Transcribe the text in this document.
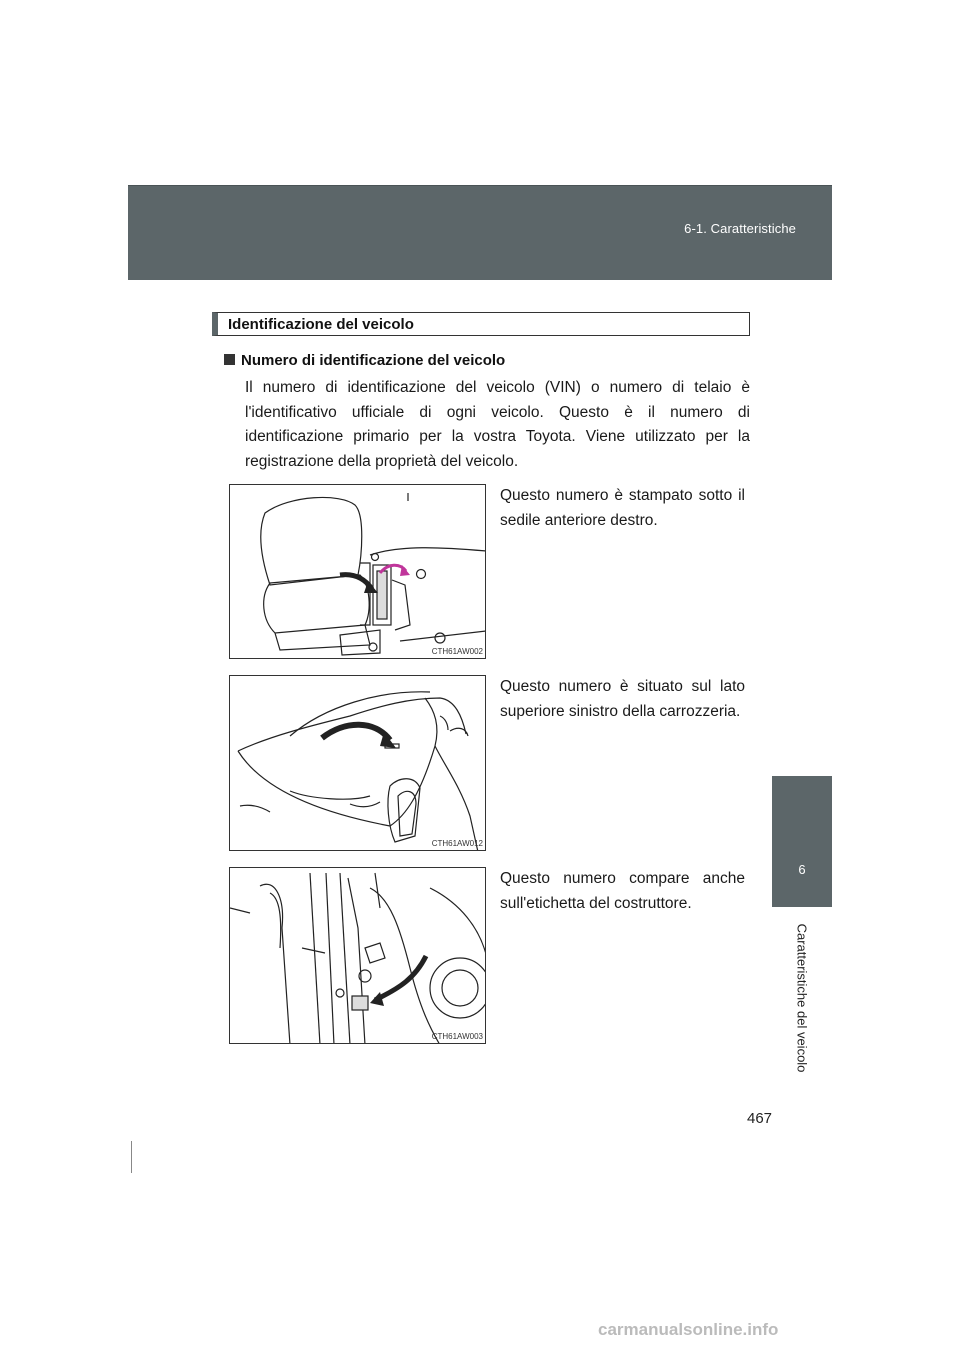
6-1. Caratteristiche
6
Caratteristiche del veicolo
Identificazione del veicolo
Numero di identificazione del veicolo
Il numero di identificazione del veicolo (VIN) o numero di telaio è l'identificativo ufficiale di ogni veicolo. Questo è il numero di identificazione primario per la vostra Toyota. Viene utilizzato per la registrazione della proprietà del veicolo.
CTH61AW002
Questo numero è stampato sotto il sedile anteriore destro.
CTH61AW012
Questo numero è situato sul lato superiore sinistro della carrozzeria.
CTH61AW003
Questo numero compare anche sull'etichetta del costruttore.
467
carmanualsonline.info
